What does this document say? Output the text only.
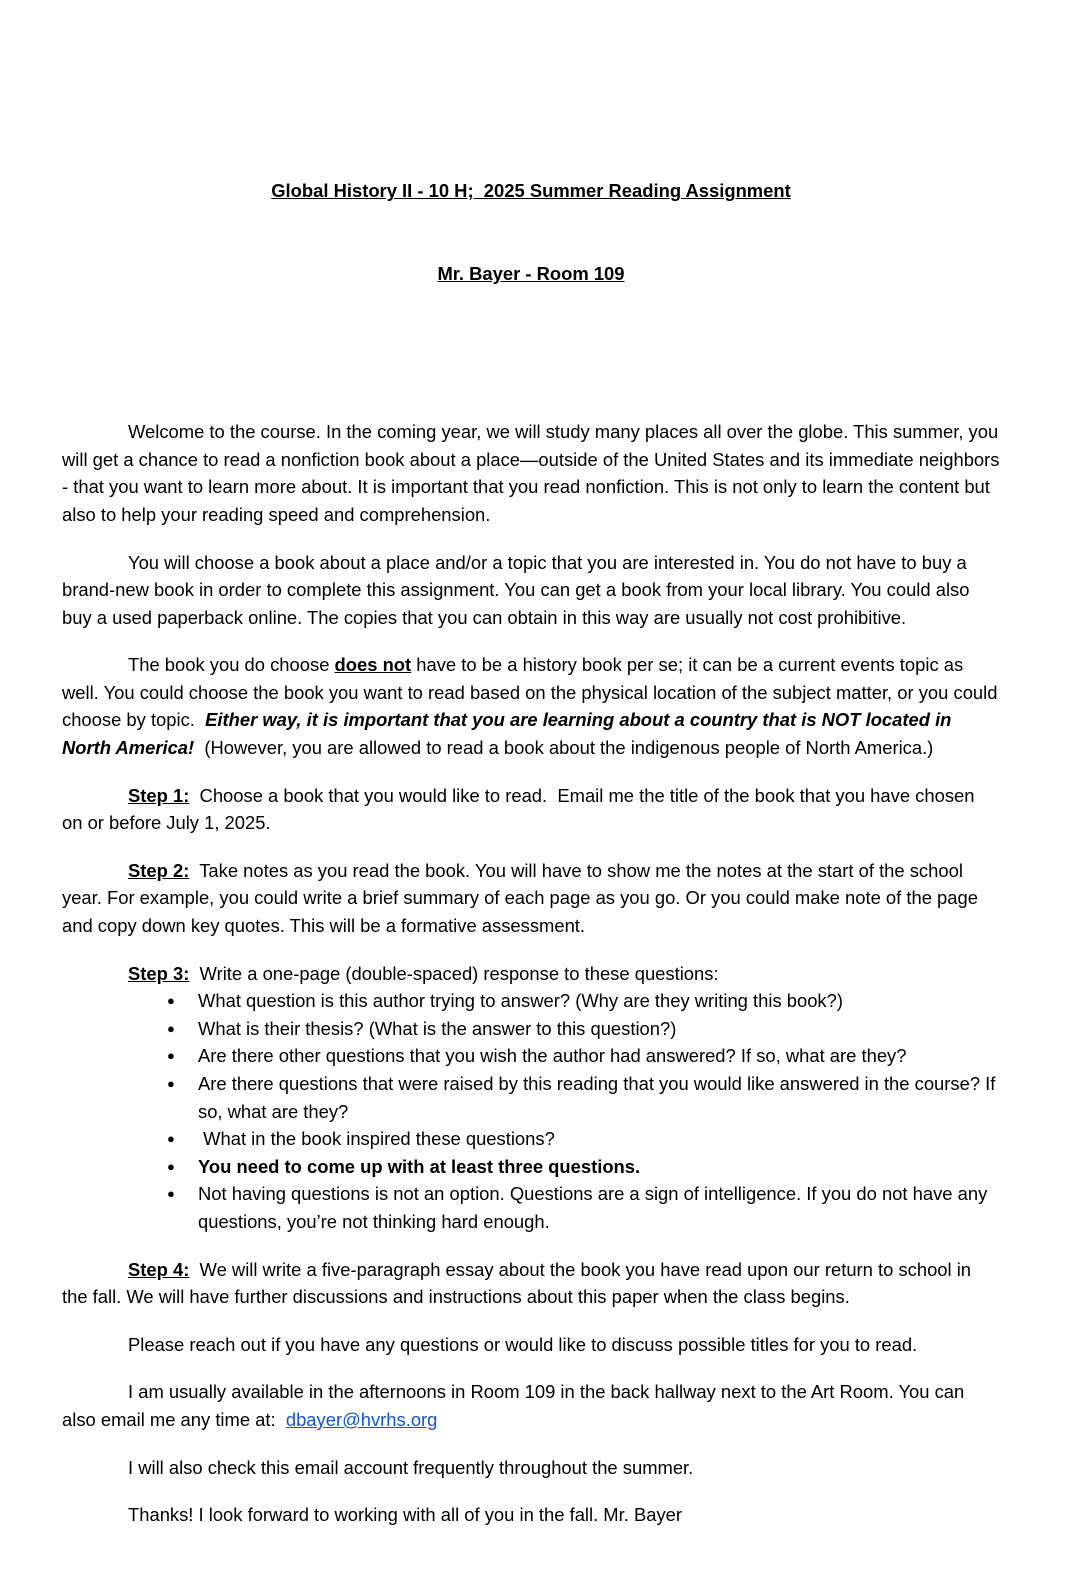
Global History II - 10 H;  2025 Summer Reading Assignment

Mr. Bayer - Room 109

Welcome to the course. In the coming year, we will study many places all over the globe. This summer, you will get a chance to read a nonfiction book about a place—outside of the United States and its immediate neighbors - that you want to learn more about. It is important that you read nonfiction. This is not only to learn the content but also to help your reading speed and comprehension.
You will choose a book about a place and/or a topic that you are interested in. You do not have to buy a brand-new book in order to complete this assignment. You can get a book from your local library. You could also buy a used paperback online. The copies that you can obtain in this way are usually not cost prohibitive.
The book you do choose does not have to be a history book per se; it can be a current events topic as well. You could choose the book you want to read based on the physical location of the subject matter, or you could choose by topic.  Either way, it is important that you are learning about a country that is NOT located in North America!  (However, you are allowed to read a book about the indigenous people of North America.)
Step 1:  Choose a book that you would like to read.  Email me the title of the book that you have chosen on or before July 1, 2025.
Step 2:  Take notes as you read the book. You will have to show me the notes at the start of the school year. For example, you could write a brief summary of each page as you go. Or you could make note of the page and copy down key quotes. This will be a formative assessment.
Step 3:  Write a one-page (double-spaced) response to these questions:
● What question is this author trying to answer? (Why are they writing this book?)
● What is their thesis? (What is the answer to this question?)
● Are there other questions that you wish the author had answered? If so, what are they?
● Are there questions that were raised by this reading that you would like answered in the course? If so, what are they?
●  What in the book inspired these questions?
● You need to come up with at least three questions.
● Not having questions is not an option. Questions are a sign of intelligence. If you do not have any questions, you’re not thinking hard enough.
Step 4:  We will write a five-paragraph essay about the book you have read upon our return to school in the fall. We will have further discussions and instructions about this paper when the class begins.
Please reach out if you have any questions or would like to discuss possible titles for you to read.
I am usually available in the afternoons in Room 109 in the back hallway next to the Art Room. You can also email me any time at:  dbayer@hvrhs.org
I will also check this email account frequently throughout the summer.
Thanks! I look forward to working with all of you in the fall. Mr. Bayer
